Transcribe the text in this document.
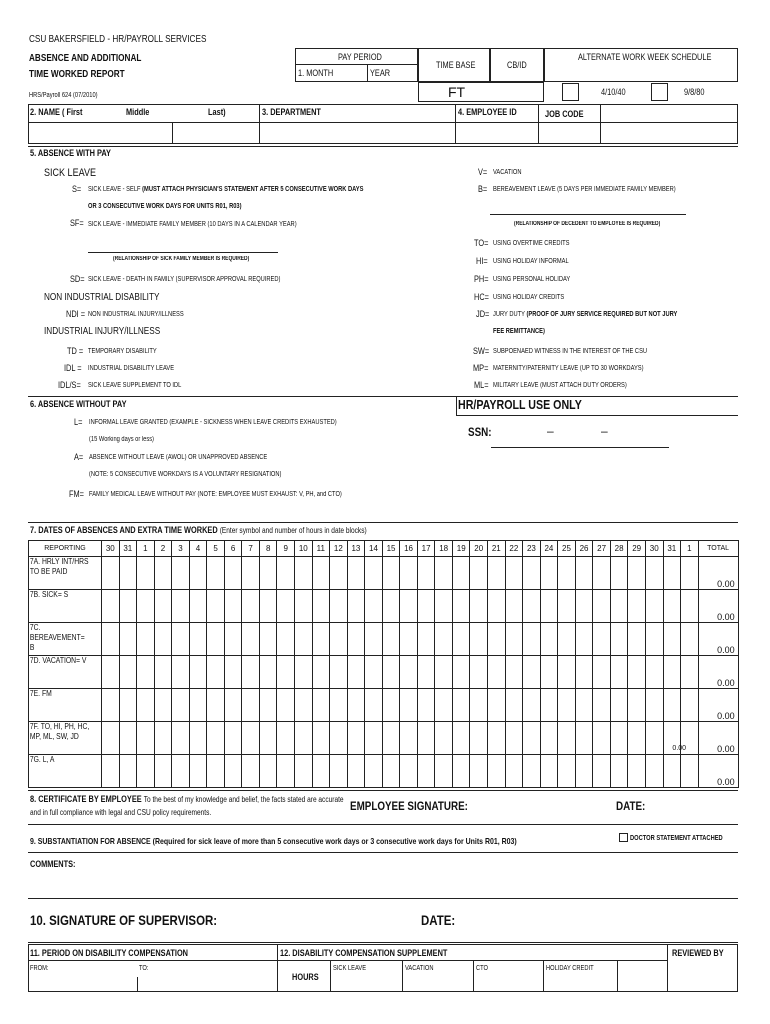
CSU BAKERSFIELD - HR/PAYROLL SERVICES
ABSENCE AND ADDITIONAL
TIME WORKED REPORT
HRS/Payroll 624 (07/2010)
PAY PERIOD
1. MONTH	YEAR
TIME BASE	CB/ID
ALTERNATE WORK WEEK SCHEDULE
FT	4/10/40	9/8/80
2. NAME ( First	Middle	Last)	3. DEPARTMENT	4. EMPLOYEE ID	JOB CODE
5. ABSENCE WITH PAY
SICK LEAVE
S= SICK LEAVE - SELF (MUST ATTACH PHYSICIAN'S STATEMENT AFTER 5 CONSECUTIVE WORK DAYS
OR 3 CONSECUTIVE WORK DAYS FOR UNITS R01, R03)
SF= SICK LEAVE - IMMEDIATE FAMILY MEMBER (10 DAYS IN A CALENDAR YEAR)
(RELATIONSHIP OF SICK FAMILY MEMBER IS REQUIRED)
SD= SICK LEAVE - DEATH IN FAMILY (SUPERVISOR APPROVAL REQUIRED)
NON INDUSTRIAL DISABILITY
NDI = NON INDUSTRIAL INJURY/ILLNESS
INDUSTRIAL INJURY/ILLNESS
TD = TEMPORARY DISABILITY
IDL = INDUSTRIAL DISABILITY LEAVE
IDL/S= SICK LEAVE SUPPLEMENT TO IDL
V= VACATION
B= BEREAVEMENT LEAVE (5 DAYS PER IMMEDIATE FAMILY MEMBER)
(RELATIONSHIP OF DECEDENT TO EMPLOYEE IS REQUIRED)
TO= USING OVERTIME CREDITS
HI= USING HOLIDAY INFORMAL
PH= USING PERSONAL HOLIDAY
HC= USING HOLIDAY CREDITS
JD= JURY DUTY (PROOF OF JURY SERVICE REQUIRED BUT NOT JURY
FEE REMITTANCE)
SW= SUBPOENAED WITNESS IN THE INTEREST OF THE CSU
MP= MATERNITY/PATERNITY LEAVE (UP TO 30 WORKDAYS)
ML= MILITARY LEAVE (MUST ATTACH DUTY ORDERS)
6. ABSENCE WITHOUT PAY	HR/PAYROLL USE ONLY
SSN:	–	–
L= INFORMAL LEAVE GRANTED (EXAMPLE - SICKNESS WHEN LEAVE CREDITS EXHAUSTED)
(15 Working days or less)
A= ABSENCE WITHOUT LEAVE (AWOL) OR UNAPPROVED ABSENCE
(NOTE: 5 CONSECUTIVE WORKDAYS IS A VOLUNTARY RESIGNATION)
FM= FAMILY MEDICAL LEAVE WITHOUT PAY (NOTE: EMPLOYEE MUST EXHAUST: V, PH, and CTO)
7. DATES OF ABSENCES AND EXTRA TIME WORKED (Enter symbol and number of hours in date blocks)
REPORTING	30	31	1	2	3	4	5	6	7	8	9	10	11	12	13	14	15	16	17	18	19	20	21	22	23	24	25	26	27	28	29	30	31	1	TOTAL

7A. HRLY INT/HRS TO BE PAID																																			0.00

7B. SICK= S																																			0.00

7C. BEREAVEMENT= B																																			0.00

7D. VACATION= V																																			0.00

7E. FM																																			0.00

7F. TO, HI, PH, HC, MP, ML, SW, JD																																	0.00		0.00

7G. L, A																																			0.00
8. CERTIFICATE BY EMPLOYEE To the best of my knowledge and belief, the facts stated are accurate
and in full compliance with legal and CSU policy requirements.	EMPLOYEE SIGNATURE:	DATE:
9. SUBSTANTIATION FOR ABSENCE (Required for sick leave of more than 5 consecutive work days or 3 consecutive work days for Units R01, R03)	DOCTOR STATEMENT ATTACHED
COMMENTS:
10. SIGNATURE OF SUPERVISOR:	DATE:
11. PERIOD ON DISABILITY COMPENSATION
FROM:	TO:
12. DISABILITY COMPENSATION SUPPLEMENT
HOURS
SICK LEAVE	VACATION	CTO	HOLIDAY CREDIT
REVIEWED BY
